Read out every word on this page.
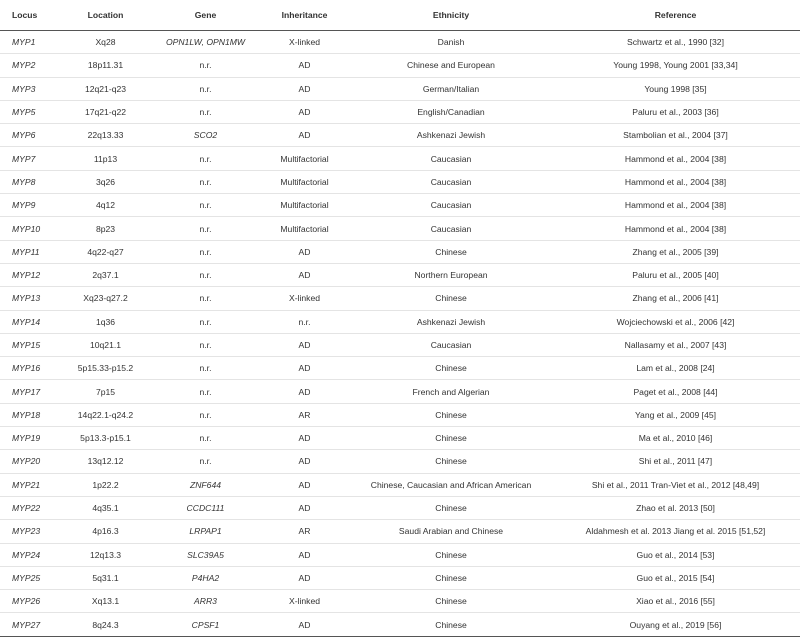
Locus	Location	Gene	Inheritance	Ethnicity	Reference
MYP1	Xq28	OPN1LW, OPN1MW	X-linked	Danish	Schwartz et al., 1990 [32]
MYP2	18p11.31	n.r.	AD	Chinese and European	Young 1998, Young 2001 [33,34]
MYP3	12q21-q23	n.r.	AD	German/Italian	Young 1998 [35]
MYP5	17q21-q22	n.r.	AD	English/Canadian	Paluru et al., 2003 [36]
MYP6	22q13.33	SCO2	AD	Ashkenazi Jewish	Stambolian et al., 2004 [37]
MYP7	11p13	n.r.	Multifactorial	Caucasian	Hammond et al., 2004 [38]
MYP8	3q26	n.r.	Multifactorial	Caucasian	Hammond et al., 2004 [38]
MYP9	4q12	n.r.	Multifactorial	Caucasian	Hammond et al., 2004 [38]
MYP10	8p23	n.r.	Multifactorial	Caucasian	Hammond et al., 2004 [38]
MYP11	4q22-q27	n.r.	AD	Chinese	Zhang et al., 2005 [39]
MYP12	2q37.1	n.r.	AD	Northern European	Paluru et al., 2005 [40]
MYP13	Xq23-q27.2	n.r.	X-linked	Chinese	Zhang et al., 2006 [41]
MYP14	1q36	n.r.	n.r.	Ashkenazi Jewish	Wojciechowski et al., 2006 [42]
MYP15	10q21.1	n.r.	AD	Caucasian	Nallasamy et al., 2007 [43]
MYP16	5p15.33-p15.2	n.r.	AD	Chinese	Lam et al., 2008 [24]
MYP17	7p15	n.r.	AD	French and Algerian	Paget et al., 2008 [44]
MYP18	14q22.1-q24.2	n.r.	AR	Chinese	Yang et al., 2009 [45]
MYP19	5p13.3-p15.1	n.r.	AD	Chinese	Ma et al., 2010 [46]
MYP20	13q12.12	n.r.	AD	Chinese	Shi et al., 2011 [47]
MYP21	1p22.2	ZNF644	AD	Chinese, Caucasian and African American	Shi et al., 2011 Tran-Viet et al., 2012 [48,49]
MYP22	4q35.1	CCDC111	AD	Chinese	Zhao et al. 2013 [50]
MYP23	4p16.3	LRPAP1	AR	Saudi Arabian and Chinese	Aldahmesh et al. 2013 Jiang et al. 2015 [51,52]
MYP24	12q13.3	SLC39A5	AD	Chinese	Guo et al., 2014 [53]
MYP25	5q31.1	P4HA2	AD	Chinese	Guo et al., 2015 [54]
MYP26	Xq13.1	ARR3	X-linked	Chinese	Xiao et al., 2016 [55]
MYP27	8q24.3	CPSF1	AD	Chinese	Ouyang et al., 2019 [56]
